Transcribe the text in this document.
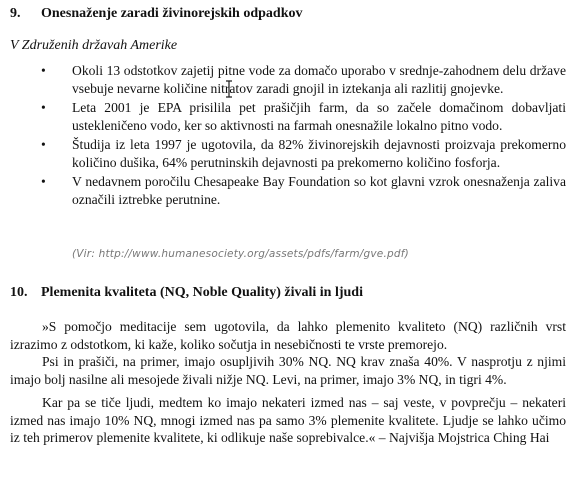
9. Onesnaženje zaradi živinorejskih odpadkov
V Združenih državah Amerike
• Okoli 13 odstotkov zajetij pitne vode za domačo uporabo v srednje-zahodnem delu države vsebuje nevarne količine nitratov zaradi gnojil in iztekanja ali razlitij gnojevke.
• Leta 2001 je EPA prisilila pet prašičjih farm, da so začele domačinom dobavljati ustekleničeno vodo, ker so aktivnosti na farmah onesnažile lokalno pitno vodo.
• Študija iz leta 1997 je ugotovila, da 82% živinorejskih dejavnosti proizvaja prekomerno količino dušika, 64% perutninskih dejavnosti pa prekomerno količino fosforja.
• V nedavnem poročilu Chesapeake Bay Foundation so kot glavni vzrok onesnaženja zaliva označili iztrebke perutnine.
(Vir: http://www.humanesociety.org/assets/pdfs/farm/gve.pdf)
10. Plemenita kvaliteta (NQ, Noble Quality) živali in ljudi

»S pomočjo meditacije sem ugotovila, da lahko plemenito kvaliteto (NQ) različnih vrst izrazimo z odstotkom, ki kaže, koliko sočutja in nesebičnosti te vrste premorejo.

Psi in prašiči, na primer, imajo osupljivih 30% NQ. NQ krav znaša 40%. V nasprotju z njimi imajo bolj nasilne ali mesojede živali nižje NQ. Levi, na primer, imajo 3% NQ, in tigri 4%.

Kar pa se tiče ljudi, medtem ko imajo nekateri izmed nas – saj veste, v povprečju – nekateri izmed nas imajo 10% NQ, mnogi izmed nas pa samo 3% plemenite kvalitete. Ljudje se lahko učimo iz teh primerov plemenite kvalitete, ki odlikuje naše soprebivalce.« – Najvišja Mojstrica Ching Hai
